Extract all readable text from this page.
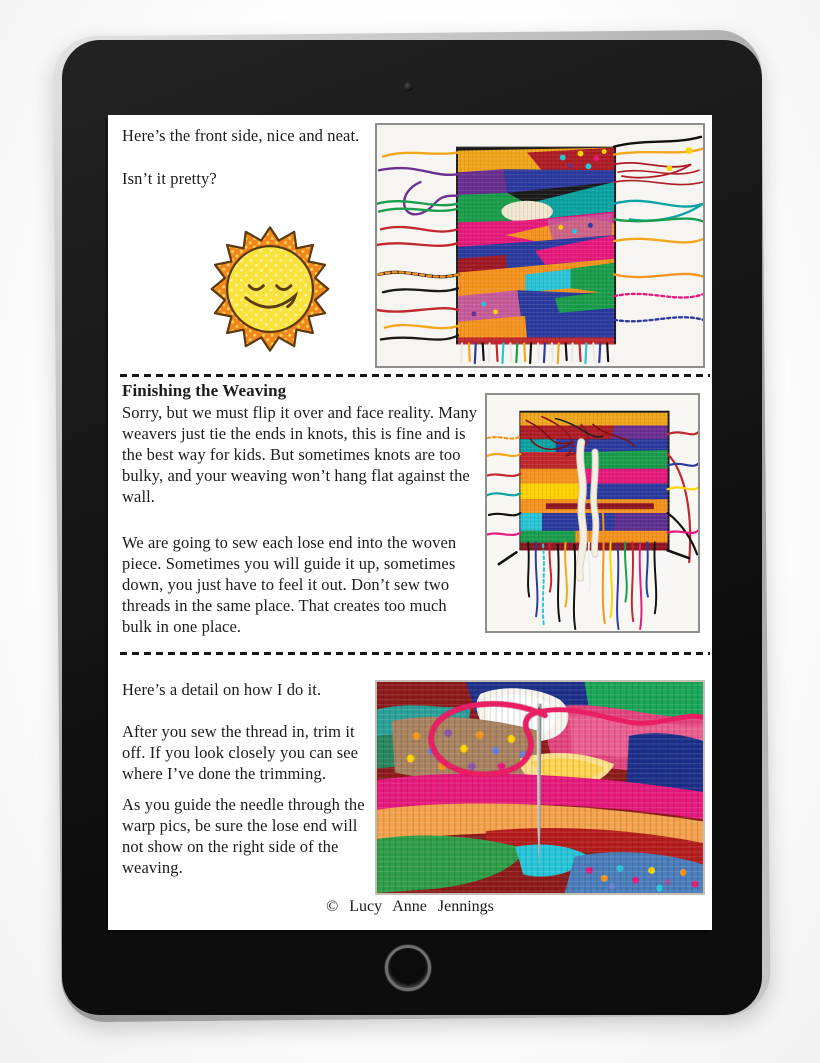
Here’s the front side, nice and neat.
Isn’t it pretty?
Finishing the Weaving
Sorry, but we must flip it over and face reality. Many weavers just tie the ends in knots, this is fine and is the best way for kids. But sometimes knots are too bulky, and your weaving won’t hang flat against the wall.
We are going to sew each lose end into the woven piece. Sometimes you will guide it up, sometimes down, you just have to feel it out. Don’t sew two threads in the same place. That creates too much bulk in one place.
Here’s a detail on how I do it.
After you sew the thread in, trim it off. If you look closely you can see where I’ve done the trimming.
As you guide the needle through the warp pics, be sure the lose end will not show on the right side of the weaving.
© Lucy Anne Jennings
